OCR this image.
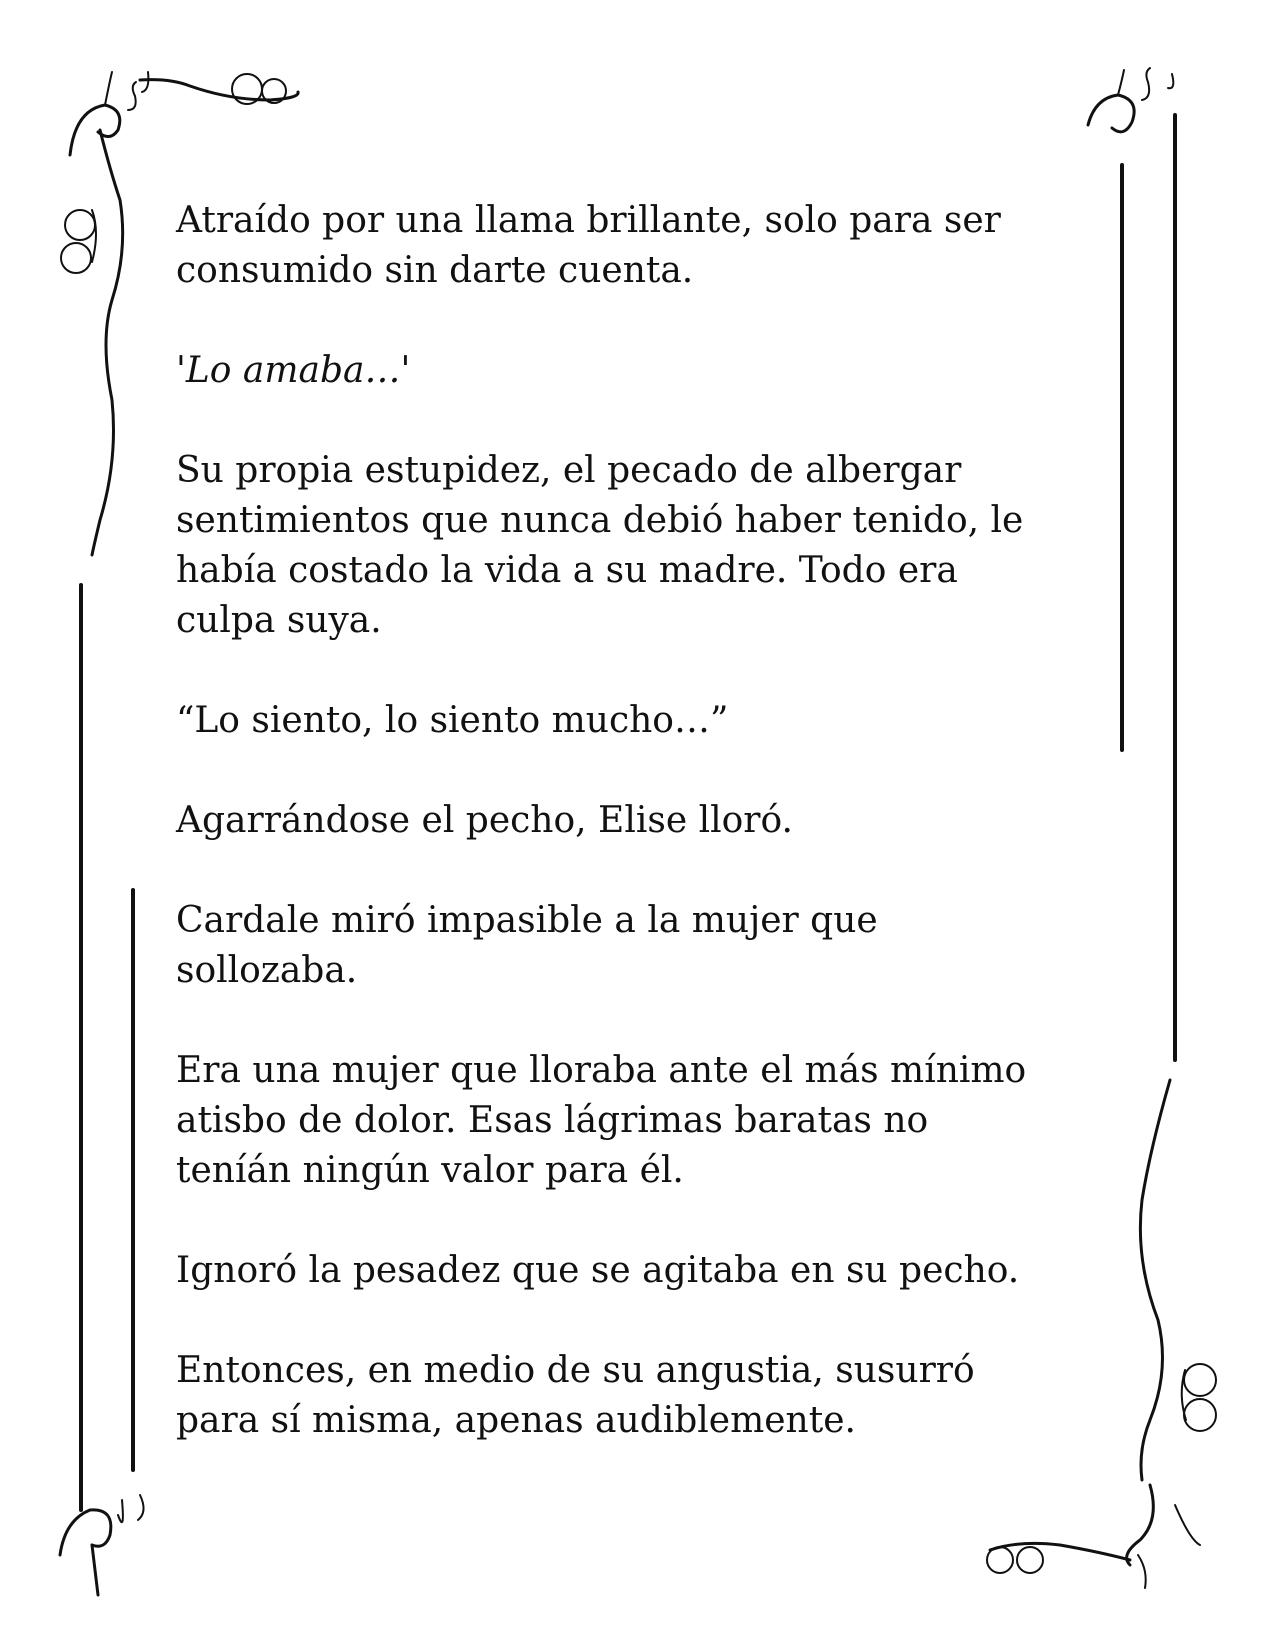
Atraído por una llama brillante, solo para ser
consumido sin darte cuenta.

'Lo amaba…'

Su propia estupidez, el pecado de albergar
sentimientos que nunca debió haber tenido, le
había costado la vida a su madre. Todo era
culpa suya.

“Lo siento, lo siento mucho…”

Agarrándose el pecho, Elise lloró.

Cardale miró impasible a la mujer que
sollozaba.

Era una mujer que lloraba ante el más mínimo
atisbo de dolor. Esas lágrimas baratas no
teníán ningún valor para él.

Ignoró la pesadez que se agitaba en su pecho.

Entonces, en medio de su angustia, susurró
para sí misma, apenas audiblemente.
